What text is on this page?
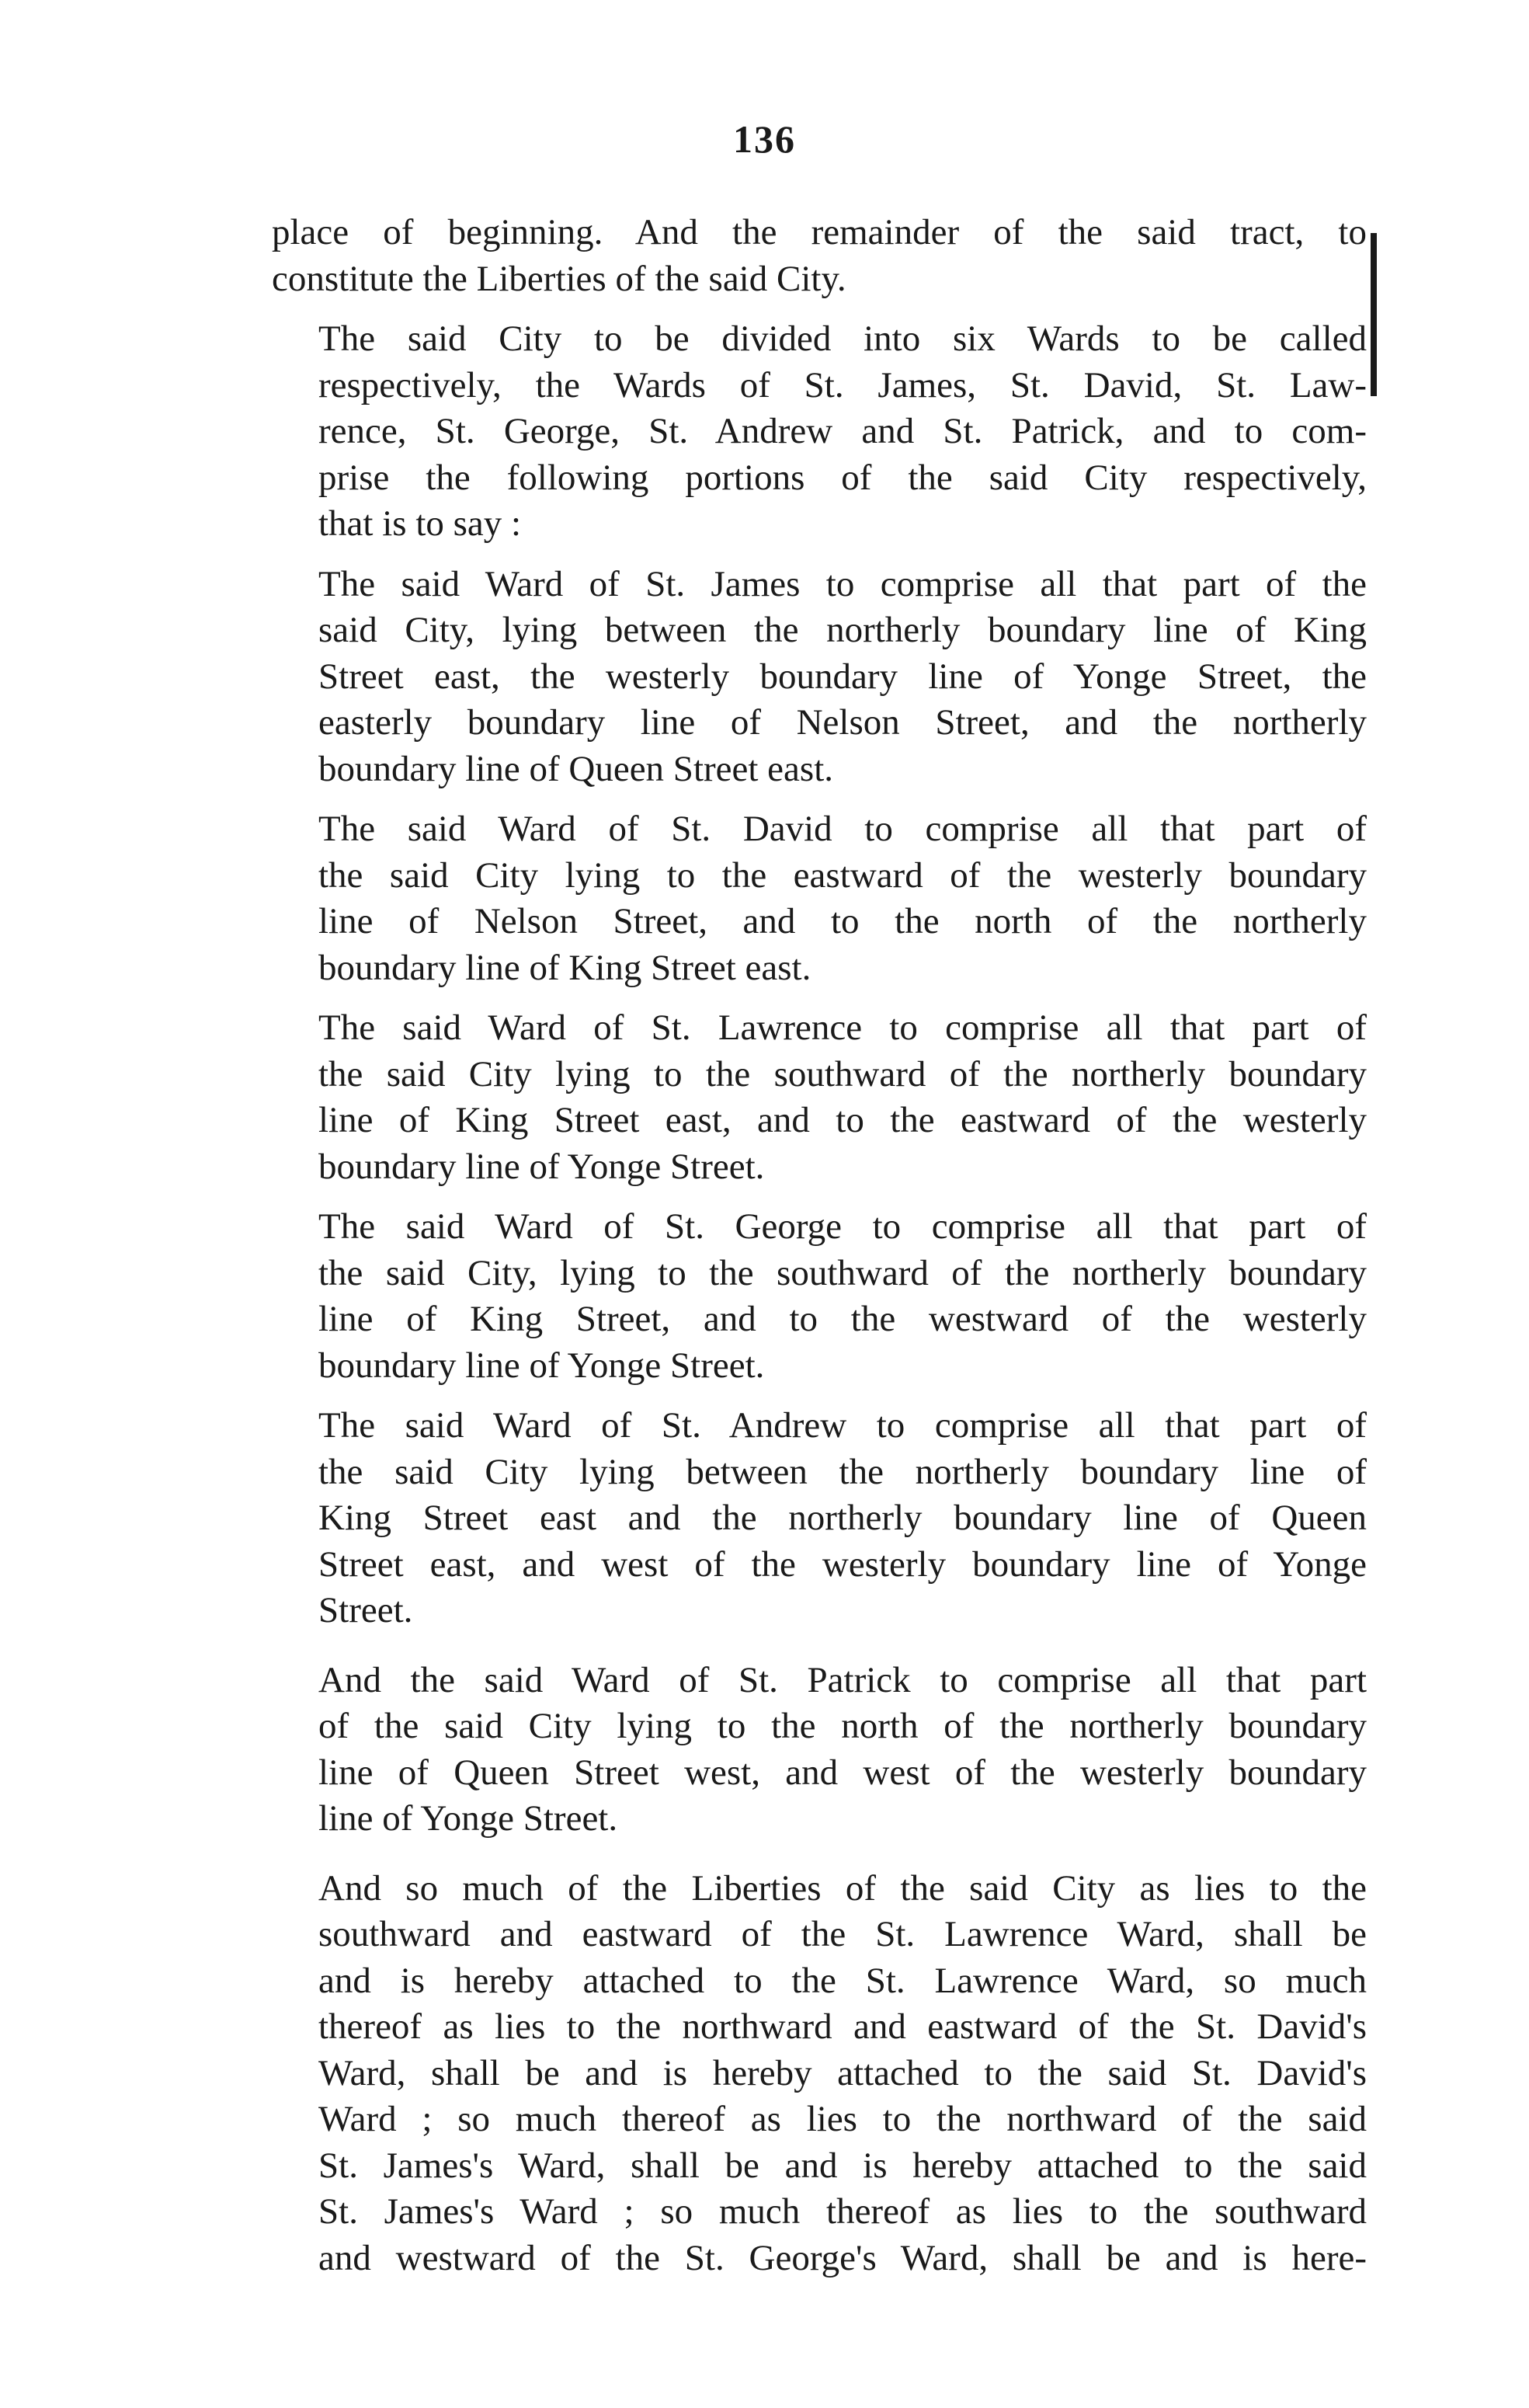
136
place of beginning. And the remainder of the said tract, to
constitute the Liberties of the said City.
The said City to be divided into six Wards to be called
respectively, the Wards of St. James, St. David, St. Law-
rence, St. George, St. Andrew and St. Patrick, and to com-
prise the following portions of the said City respectively,
that is to say :
The said Ward of St. James to comprise all that part of the
said City, lying between the northerly boundary line of King
Street east, the westerly boundary line of Yonge Street, the
easterly boundary line of Nelson Street, and the northerly
boundary line of Queen Street east.
The said Ward of St. David to comprise all that part of
the said City lying to the eastward of the westerly boundary
line of Nelson Street, and to the north of the northerly
boundary line of King Street east.
The said Ward of St. Lawrence to comprise all that part of
the said City lying to the southward of the northerly boundary
line of King Street east, and to the eastward of the westerly
boundary line of Yonge Street.
The said Ward of St. George to comprise all that part of
the said City, lying to the southward of the northerly boundary
line of King Street, and to the westward of the westerly
boundary line of Yonge Street.
The said Ward of St. Andrew to comprise all that part of
the said City lying between the northerly boundary line of
King Street east and the northerly boundary line of Queen
Street east, and west of the westerly boundary line of Yonge
Street.
And the said Ward of St. Patrick to comprise all that part
of the said City lying to the north of the northerly boundary
line of Queen Street west, and west of the westerly boundary
line of Yonge Street.
And so much of the Liberties of the said City as lies to the
southward and eastward of the St. Lawrence Ward, shall be
and is hereby attached to the St. Lawrence Ward, so much
thereof as lies to the northward and eastward of the St. David's
Ward, shall be and is hereby attached to the said St. David's
Ward ; so much thereof as lies to the northward of the said
St. James's Ward, shall be and is hereby attached to the said
St. James's Ward ; so much thereof as lies to the southward
and westward of the St. George's Ward, shall be and is here-
